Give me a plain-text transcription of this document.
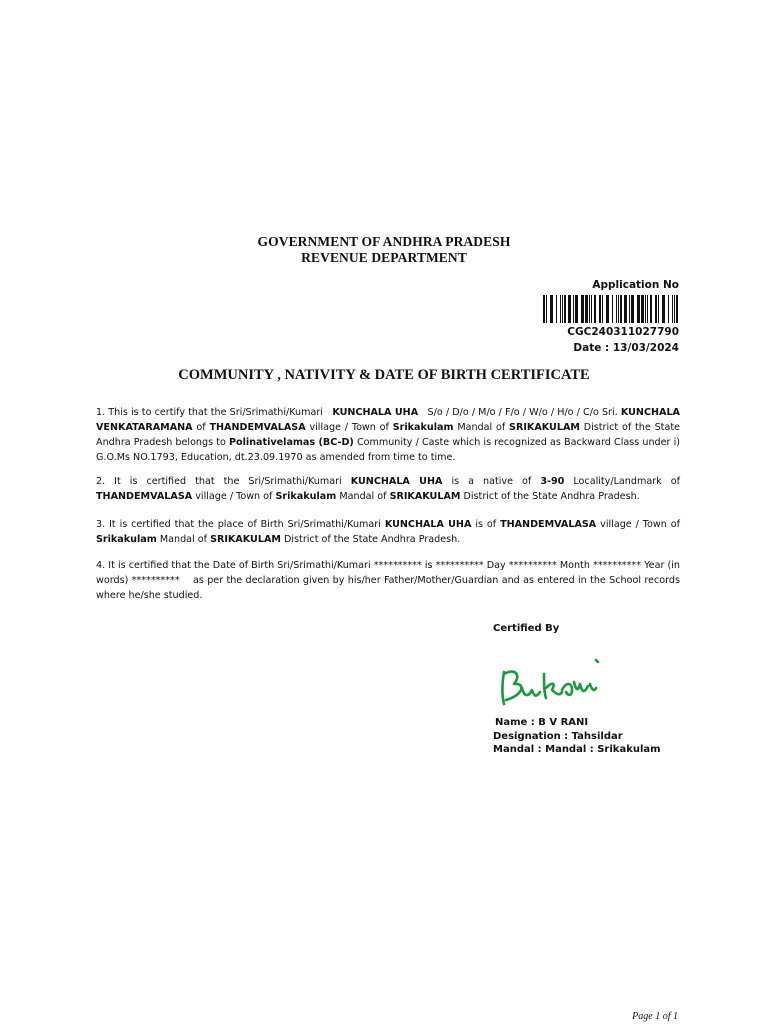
GOVERNMENT OF ANDHRA PRADESH
REVENUE DEPARTMENT
Application No
CGC240311027790
Date : 13/03/2024
COMMUNITY , NATIVITY & DATE OF BIRTH CERTIFICATE
1. This is to certify that the Sri/Srimathi/Kumari KUNCHALA UHA S/o / D/o / M/o / F/o / W/o / H/o / C/o Sri. KUNCHALA VENKATARAMANA of THANDEMVALASA village / Town of Srikakulam Mandal of SRIKAKULAM District of the State Andhra Pradesh belongs to Polinativelamas (BC-D) Community / Caste which is recognized as Backward Class under i) G.O.Ms NO.1793, Education, dt.23.09.1970 as amended from time to time.
2. It is certified that the Sri/Srimathi/Kumari KUNCHALA UHA is a native of 3-90 Locality/Landmark of THANDEMVALASA village / Town of Srikakulam Mandal of SRIKAKULAM District of the State Andhra Pradesh.
3. It is certified that the place of Birth Sri/Srimathi/Kumari KUNCHALA UHA is of THANDEMVALASA village / Town of Srikakulam Mandal of SRIKAKULAM District of the State Andhra Pradesh.
4. It is certified that the Date of Birth Sri/Srimathi/Kumari ********** is ********** Day ********** Month ********** Year (in words) ********** as per the declaration given by his/her Father/Mother/Guardian and as entered in the School records where he/she studied.
Certified By
Name : B V RANI
Designation : Tahsildar
Mandal : Mandal : Srikakulam
Page 1 of 1
